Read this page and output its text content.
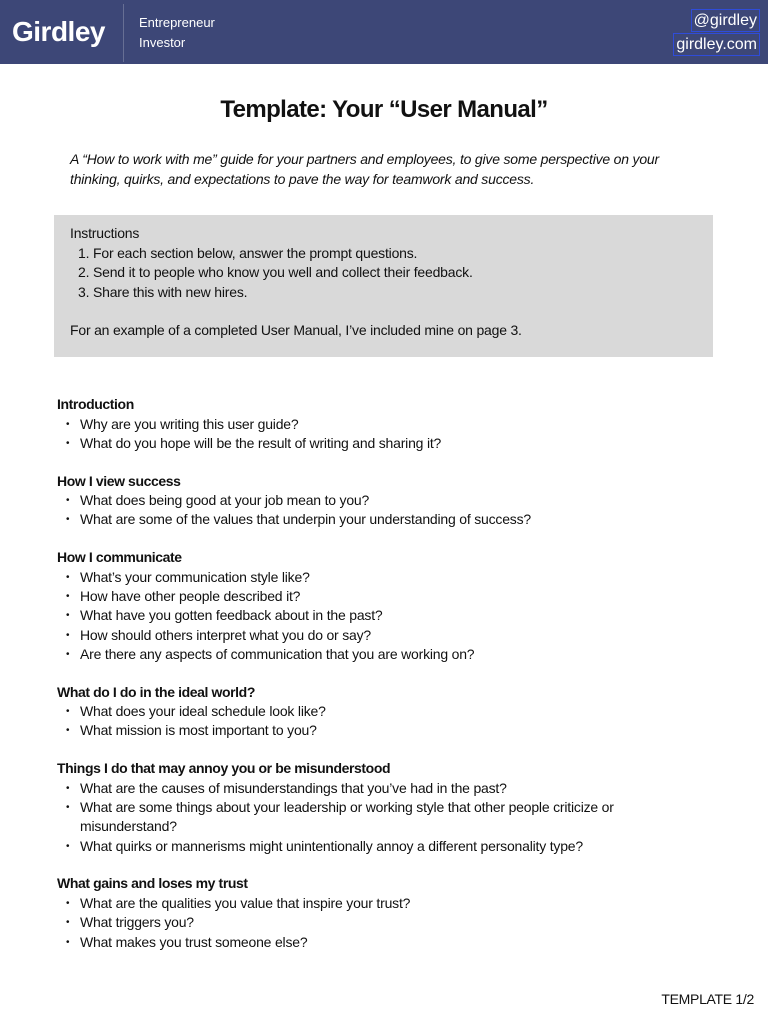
Girdley	Entrepreneur
Investor
@girdley
girdley.com
Template: Your “User Manual”
A “How to work with me” guide for your partners and employees, to give some perspective on your thinking, quirks, and expectations to pave the way for teamwork and success.
Instructions
1. For each section below, answer the prompt questions.
2. Send it to people who know you well and collect their feedback.
3. Share this with new hires.
For an example of a completed User Manual, I’ve included mine on page 3.
Introduction
• Why are you writing this user guide?
• What do you hope will be the result of writing and sharing it?
How I view success
• What does being good at your job mean to you?
• What are some of the values that underpin your understanding of success?
How I communicate
• What’s your communication style like?
• How have other people described it?
• What have you gotten feedback about in the past?
• How should others interpret what you do or say?
• Are there any aspects of communication that you are working on?
What do I do in the ideal world?
• What does your ideal schedule look like?
• What mission is most important to you?
Things I do that may annoy you or be misunderstood
• What are the causes of misunderstandings that you’ve had in the past?
• What are some things about your leadership or working style that other people criticize or misunderstand?
• What quirks or mannerisms might unintentionally annoy a different personality type?
What gains and loses my trust
• What are the qualities you value that inspire your trust?
• What triggers you?
• What makes you trust someone else?
TEMPLATE 1/2
